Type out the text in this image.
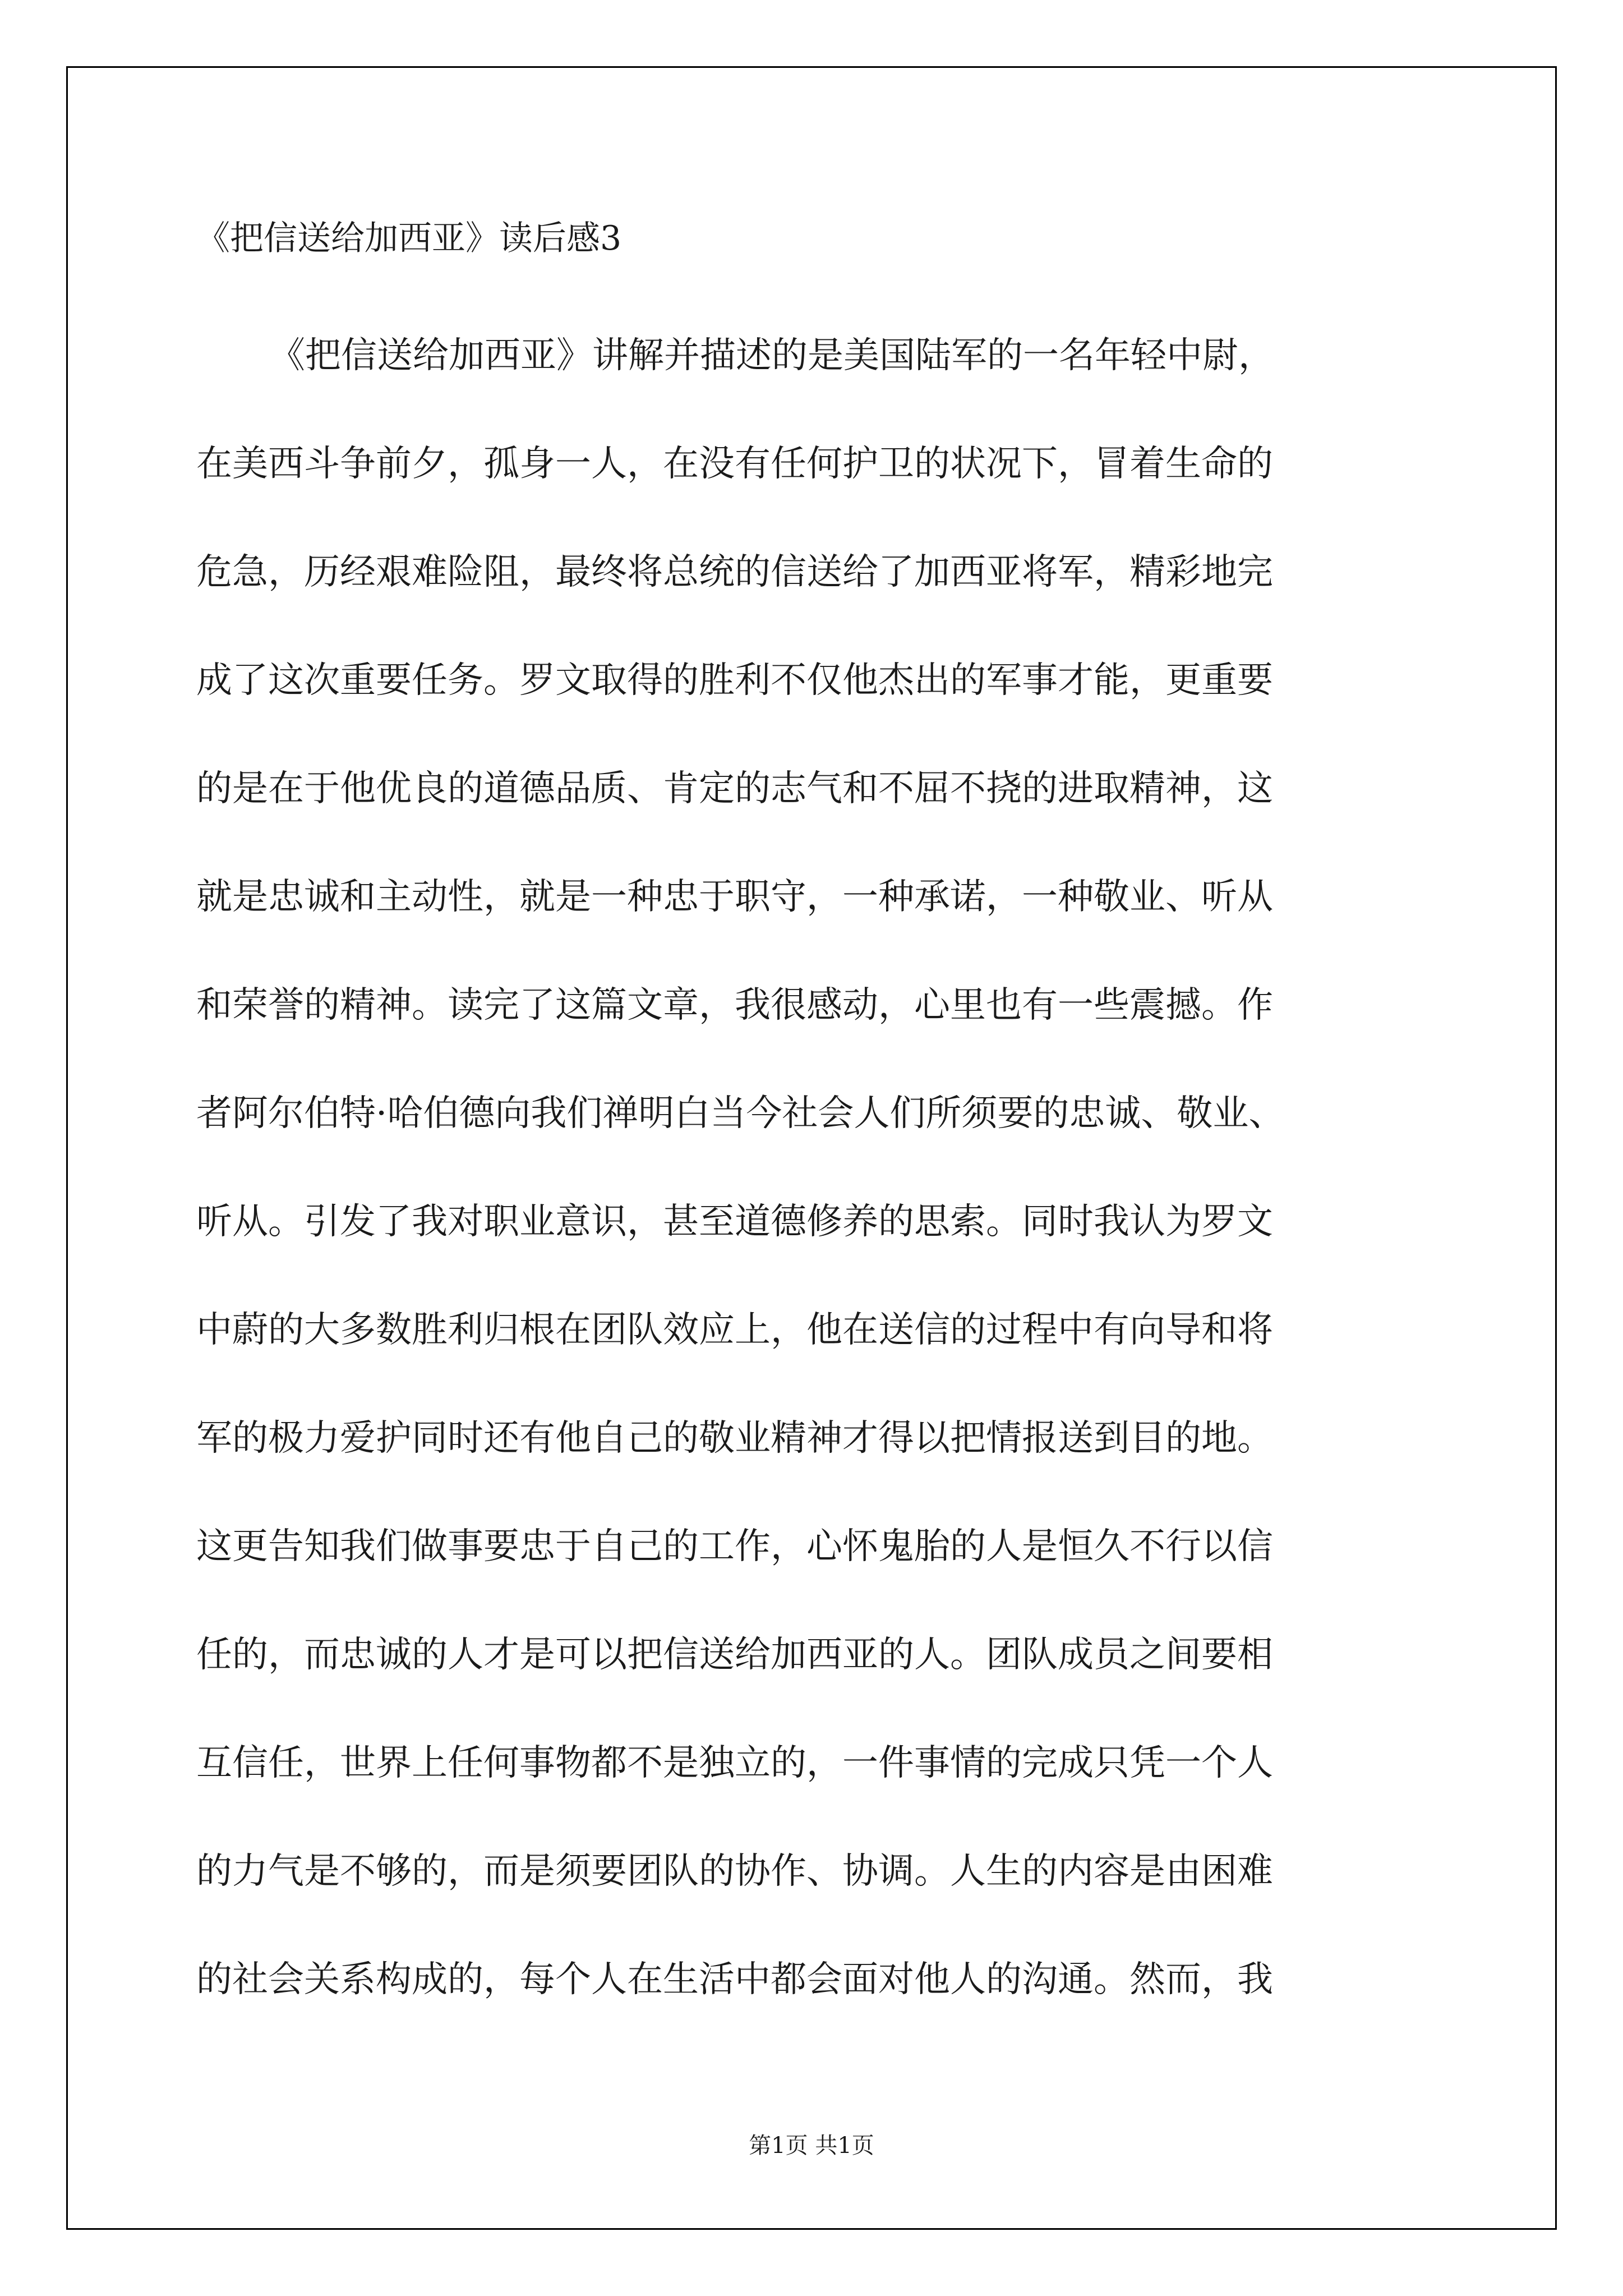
《把信送给加西亚》读后感3
《把信送给加西亚》讲解并描述的是美国陆军的一名年轻中尉，
在美西斗争前夕，孤身一人，在没有任何护卫的状况下，冒着生命的
危急，历经艰难险阻，最终将总统的信送给了加西亚将军，精彩地完
成了这次重要任务。罗文取得的胜利不仅他杰出的军事才能，更重要
的是在于他优良的道德品质、肯定的志气和不屈不挠的进取精神，这
就是忠诚和主动性，就是一种忠于职守，一种承诺，一种敬业、听从
和荣誉的精神。读完了这篇文章，我很感动，心里也有一些震撼。作
者阿尔伯特·哈伯德向我们禅明白当今社会人们所须要的忠诚、敬业、
听从。引发了我对职业意识，甚至道德修养的思索。同时我认为罗文
中蔚的大多数胜利归根在团队效应上，他在送信的过程中有向导和将
军的极力爱护同时还有他自己的敬业精神才得以把情报送到目的地。
这更告知我们做事要忠于自己的工作，心怀鬼胎的人是恒久不行以信
任的，而忠诚的人才是可以把信送给加西亚的人。团队成员之间要相
互信任，世界上任何事物都不是独立的，一件事情的完成只凭一个人
的力气是不够的，而是须要团队的协作、协调。人生的内容是由困难
的社会关系构成的，每个人在生活中都会面对他人的沟通。然而，我
第1页 共1页
